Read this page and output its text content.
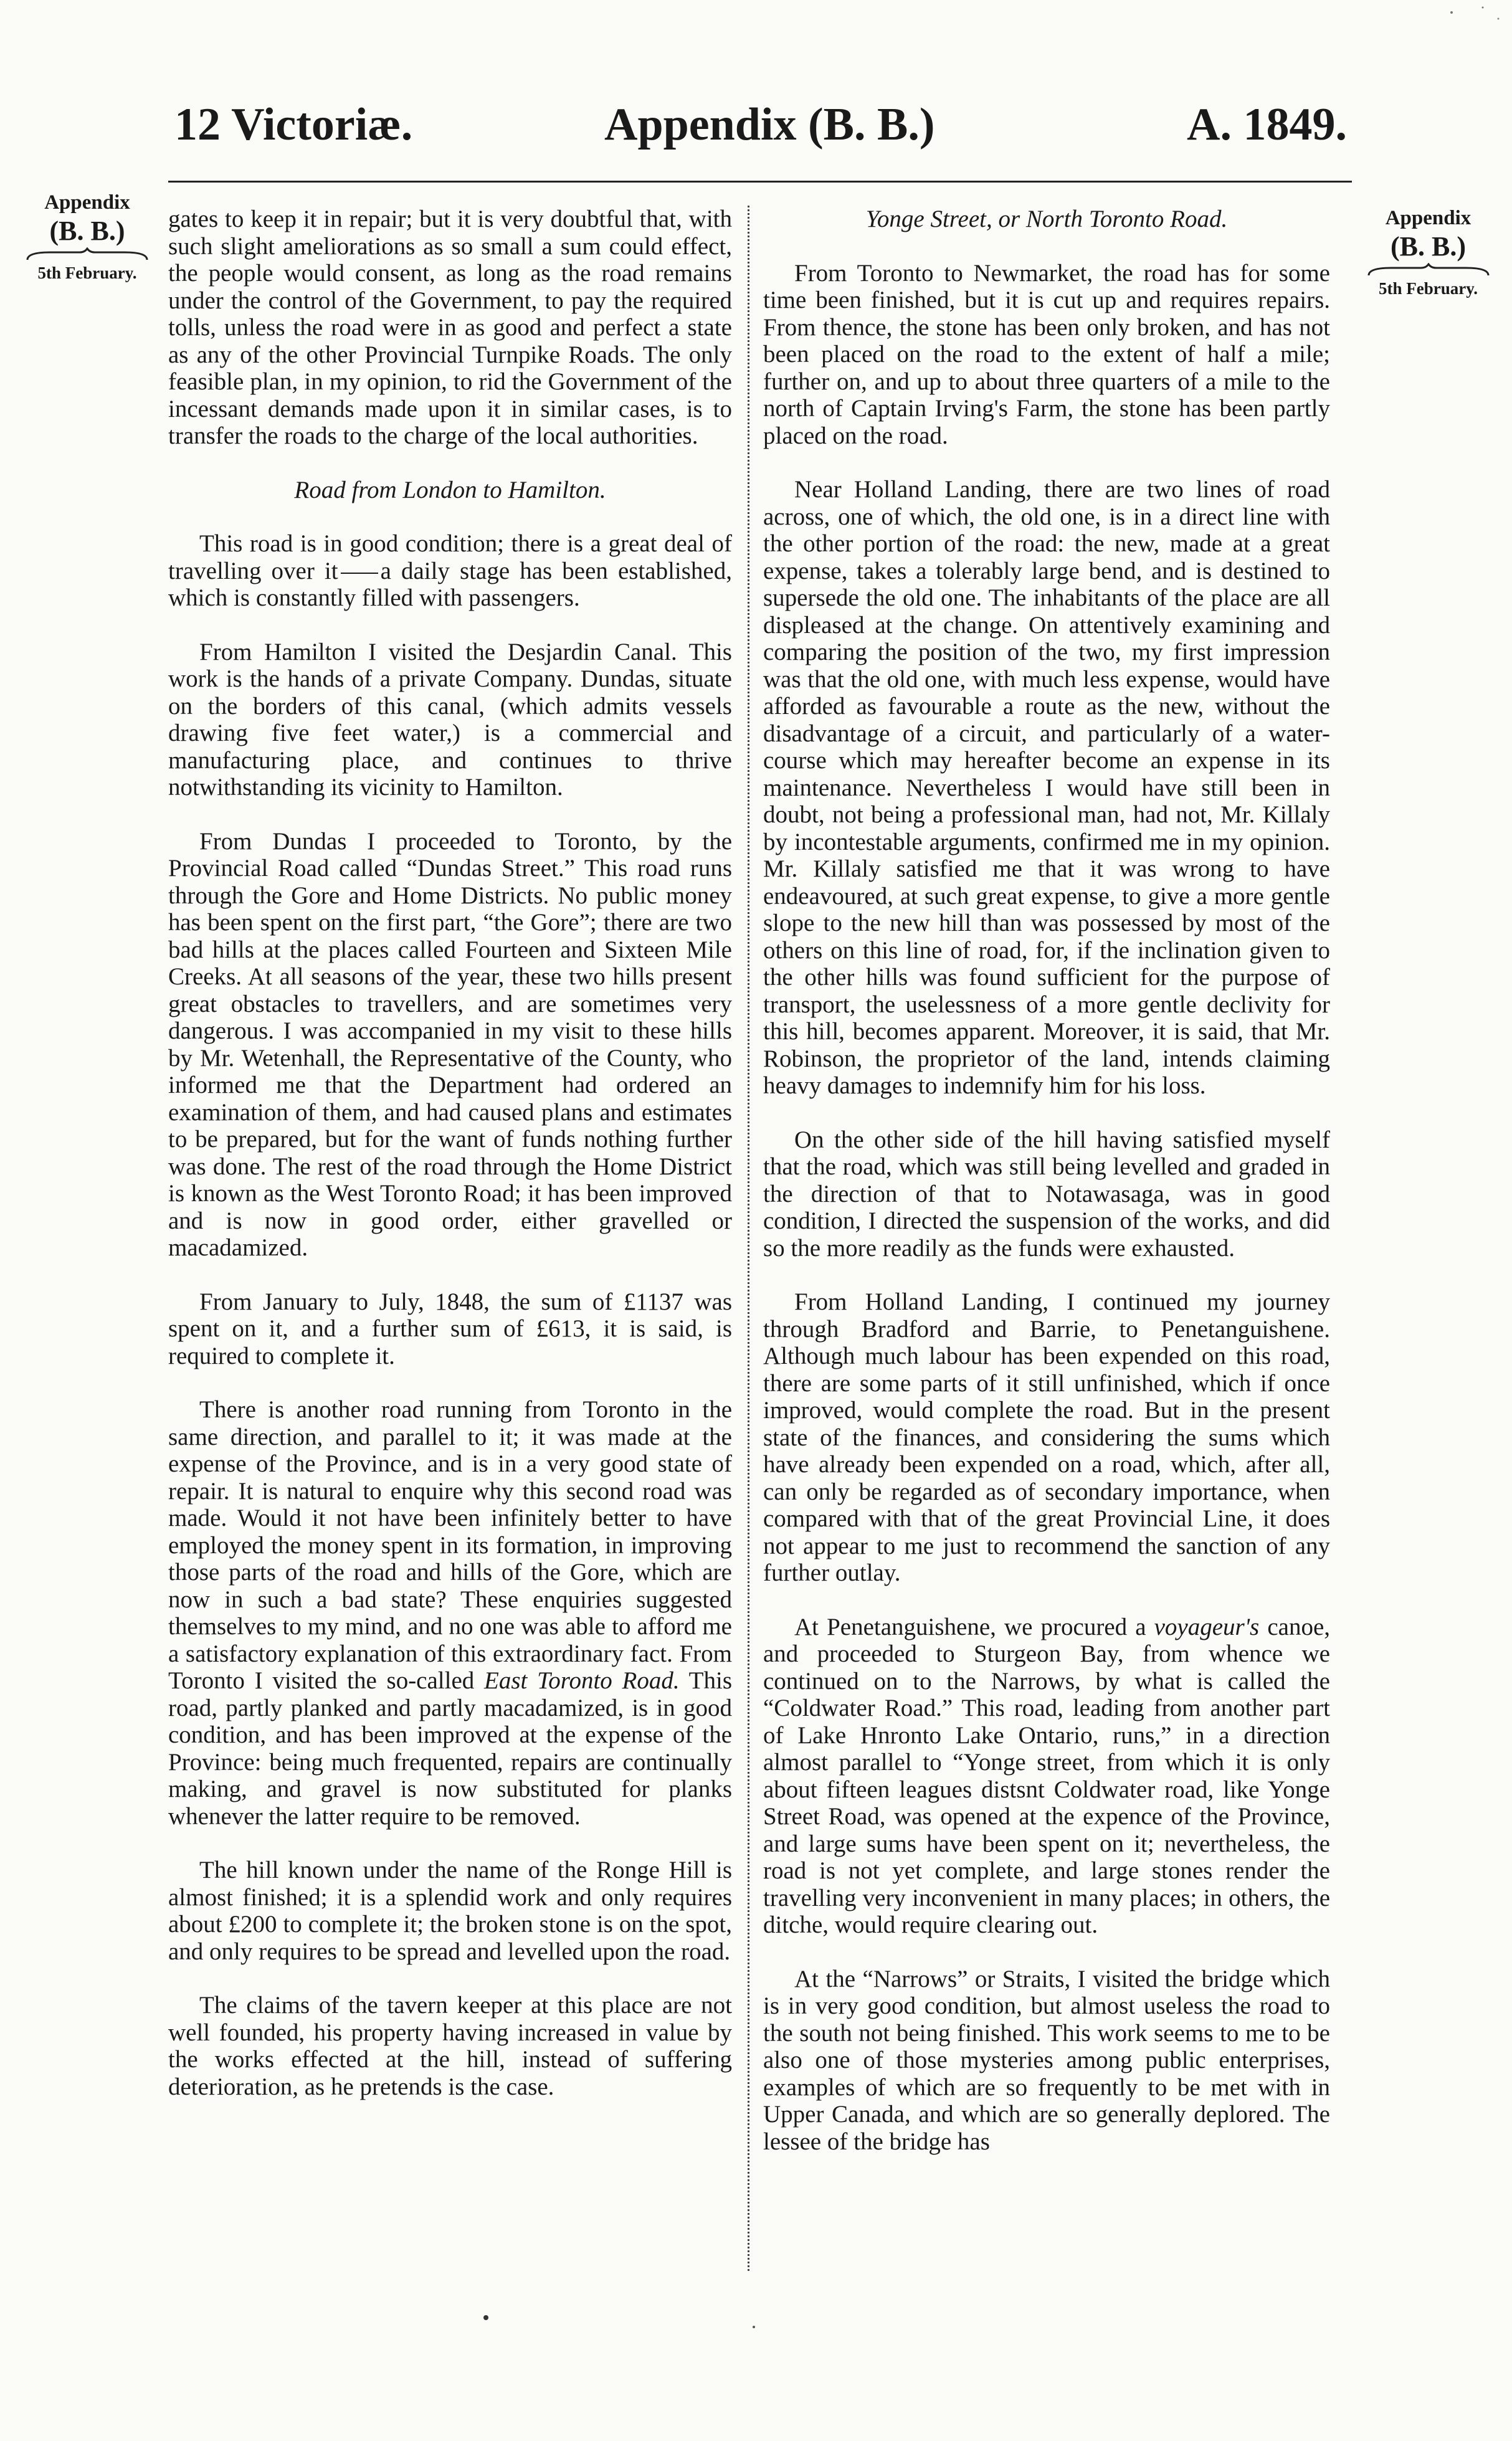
12 Victoriæ.	Appendix (B. B.)	A. 1849.
Appendix
(B. B.)
5th February.
Appendix
(B. B.)
5th February.

gates to keep it in repair; but it is very doubtful that, with such slight ameliorations as so small a sum could effect, the people would consent, as long as the road remains under the control of the Government, to pay the required tolls, unless the road were in as good and perfect a state as any of the other Provincial Turnpike Roads. The only feasible plan, in my opinion, to rid the Government of the incessant demands made upon it in similar cases, is to transfer the roads to the charge of the local authorities.

Road from London to Hamilton.

This road is in good condition; there is a great deal of travelling over it a daily stage has been established, which is constantly filled with passengers.

From Hamilton I visited the Desjardin Canal. This work is the hands of a private Company. Dundas, situate on the borders of this canal, (which admits vessels drawing five feet water,) is a commercial and manufacturing place, and continues to thrive notwithstanding its vicinity to Hamilton.

From Dundas I proceeded to Toronto, by the Provincial Road called “Dundas Street.” This road runs through the Gore and Home Districts. No public money has been spent on the first part, “the Gore”; there are two bad hills at the places called Fourteen and Sixteen Mile Creeks. At all seasons of the year, these two hills present great obstacles to travellers, and are sometimes very dangerous. I was accompanied in my visit to these hills by Mr. Wetenhall, the Representative of the County, who informed me that the Department had ordered an examination of them, and had caused plans and estimates to be prepared, but for the want of funds nothing further was done. The rest of the road through the Home District is known as the West Toronto Road; it has been improved and is now in good order, either gravelled or macadamized.

From January to July, 1848, the sum of £1137 was spent on it, and a further sum of £613, it is said, is required to complete it.

There is another road running from Toronto in the same direction, and parallel to it; it was made at the expense of the Province, and is in a very good state of repair. It is natural to enquire why this second road was made. Would it not have been infinitely better to have employed the money spent in its formation, in improving those parts of the road and hills of the Gore, which are now in such a bad state? These enquiries suggested themselves to my mind, and no one was able to afford me a satisfactory explanation of this extraordinary fact. From Toronto I visited the so-called East Toronto Road. This road, partly planked and partly macadamized, is in good condition, and has been improved at the expense of the Province: being much frequented, repairs are continually making, and gravel is now substituted for planks whenever the latter require to be removed.

The hill known under the name of the Ronge Hill is almost finished; it is a splendid work and only requires about £200 to complete it; the broken stone is on the spot, and only requires to be spread and levelled upon the road.

The claims of the tavern keeper at this place are not well founded, his property having increased in value by the works effected at the hill, instead of suffering deterioration, as he pretends is the case.

Yonge Street, or North Toronto Road.

From Toronto to Newmarket, the road has for some time been finished, but it is cut up and requires repairs. From thence, the stone has been only broken, and has not been placed on the road to the extent of half a mile; further on, and up to about three quarters of a mile to the north of Captain Irving's Farm, the stone has been partly placed on the road.

Near Holland Landing, there are two lines of road across, one of which, the old one, is in a direct line with the other portion of the road: the new, made at a great expense, takes a tolerably large bend, and is destined to supersede the old one. The inhabitants of the place are all displeased at the change. On attentively examining and comparing the position of the two, my first impression was that the old one, with much less expense, would have afforded as favourable a route as the new, without the disadvantage of a circuit, and particularly of a water-course which may hereafter become an expense in its maintenance. Nevertheless I would have still been in doubt, not being a professional man, had not, Mr. Killaly by incontestable arguments, confirmed me in my opinion. Mr. Killaly satisfied me that it was wrong to have endeavoured, at such great expense, to give a more gentle slope to the new hill than was possessed by most of the others on this line of road, for, if the inclination given to the other hills was found sufficient for the purpose of transport, the uselessness of a more gentle declivity for this hill, becomes apparent. Moreover, it is said, that Mr. Robinson, the proprietor of the land, intends claiming heavy damages to indemnify him for his loss.

On the other side of the hill having satisfied myself that the road, which was still being levelled and graded in the direction of that to Notawasaga, was in good condition, I directed the suspension of the works, and did so the more readily as the funds were exhausted.

From Holland Landing, I continued my journey through Bradford and Barrie, to Penetanguishene. Although much labour has been expended on this road, there are some parts of it still unfinished, which if once improved, would complete the road. But in the present state of the finances, and considering the sums which have already been expended on a road, which, after all, can only be regarded as of secondary importance, when compared with that of the great Provincial Line, it does not appear to me just to recommend the sanction of any further outlay.

At Penetanguishene, we procured a voyageur's canoe, and proceeded to Sturgeon Bay, from whence we continued on to the Narrows, by what is called the “Coldwater Road.” This road, leading from another part of Lake Hnronto Lake Ontario, runs,” in a direction almost parallel to “Yonge street, from which it is only about fifteen leagues distsnt Coldwater road, like Yonge Street Road, was opened at the expence of the Province, and large sums have been spent on it; nevertheless, the road is not yet complete, and large stones render the travelling very inconvenient in many places; in others, the ditche, would require clearing out.

At the “Narrows” or Straits, I visited the bridge which is in very good condition, but almost useless the road to the south not being finished. This work seems to me to be also one of those mysteries among public enterprises, examples of which are so frequently to be met with in Upper Canada, and which are so generally deplored. The lessee of the bridge has
